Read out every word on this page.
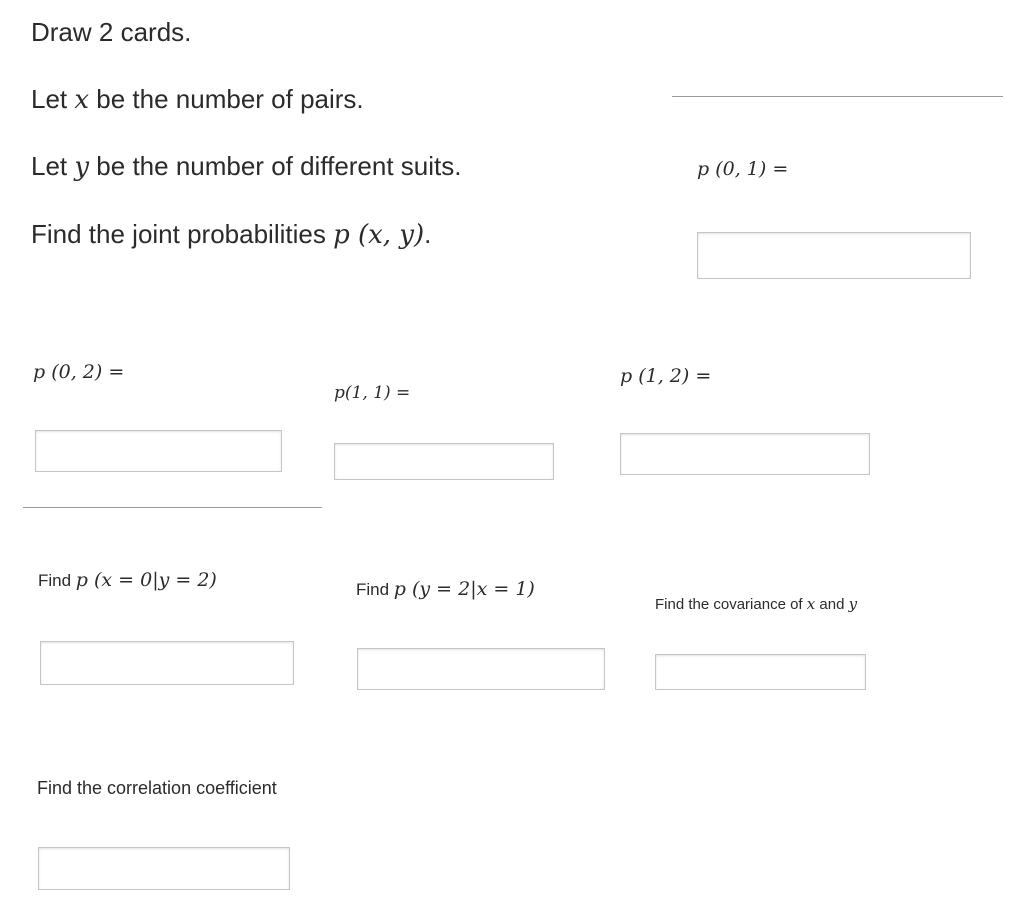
Draw 2 cards.
Let x be the number of pairs.
Let y be the number of different suits.
Find the joint probabilities p (x, y).
p (0, 1) =
p (0, 2) =
p(1, 1) =
p (1, 2) =
Find p (x = 0|y = 2)	Find p (y = 2|x = 1)
Find the covariance of x and y
Find the correlation coefficient
